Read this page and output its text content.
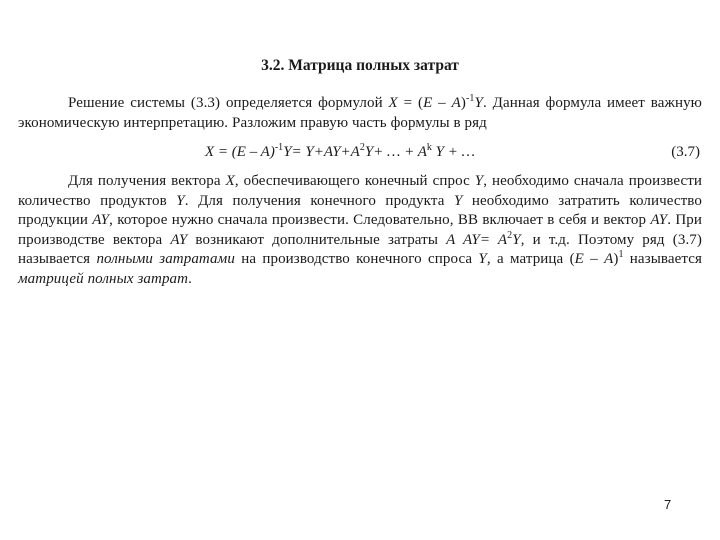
3.2. Матрица полных затрат
Решение системы (3.3) определяется формулой X = (E – A)$^{-1}$Y. Данная формула имеет важную экономическую интерпретацию. Разложим правую часть формулы в ряд
$X = (E - A)^{-1}Y= Y+AY+A^2Y+$ … + $A^k$ Y + …	(3.7)
Для получения вектора X, обеспечивающего конечный спрос Y, необходимо сначала произвести количество продуктов Y. Для получения конечного продукта Y необходимо затратить количество продукции AY, которое нужно сначала произвести. Следовательно, ВВ включает в себя и вектор AY. При производстве вектора AY возникают дополнительные затраты A $AY= A^2Y$, и т.д. Поэтому ряд (3.7) называется полными затратами на производство конечного спроса Y, а матрица (E – A)$^1$ называется матрицей полных затрат.
7
